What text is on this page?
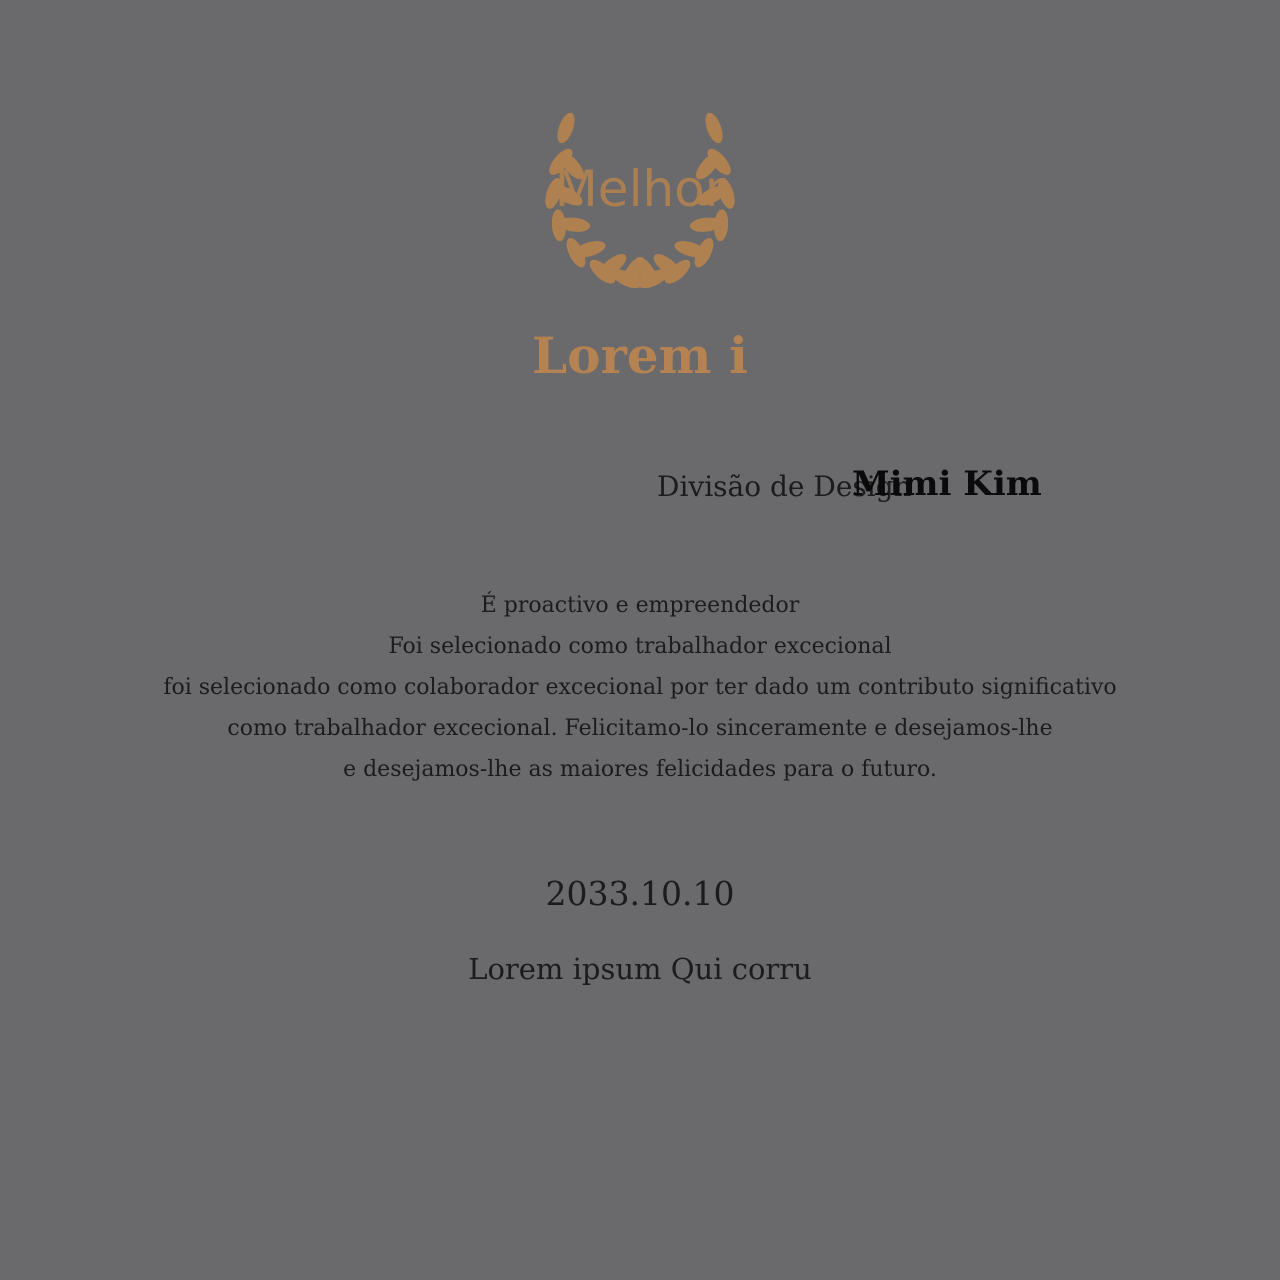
Melhor
Lorem i
Divisão de Design
Mimi Kim
É proactivo e empreendedor
Foi selecionado como trabalhador excecional
foi selecionado como colaborador excecional por ter dado um contributo significativo
como trabalhador excecional. Felicitamo-lo sinceramente e desejamos-lhe
e desejamos-lhe as maiores felicidades para o futuro.
2033.10.10
Lorem ipsum Qui corru
